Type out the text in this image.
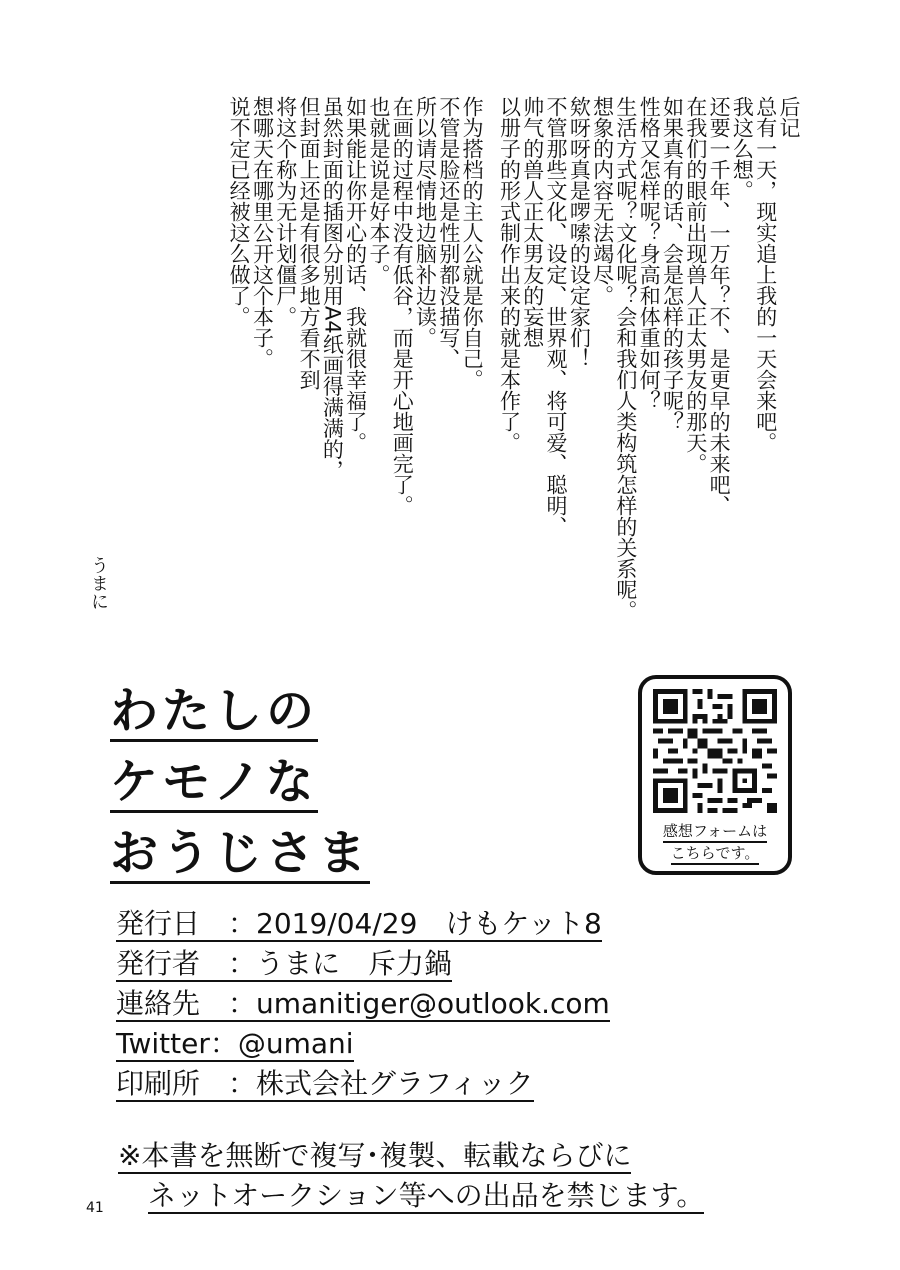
后记
总有一天，现实追上我的一天会来吧。
我这么想。
还要一千年、一万年？不、是更早的未来吧、
在我们的眼前出现兽人正太男友的那天。
如果真有的话、会是怎样的孩子呢？
性格又怎样呢？身高和体重如何？
生活方式呢？文化呢？会和我们人类构筑怎样的关系呢。
想象的内容无法竭尽。
欸呀呀真是啰嗦的设定家们！
不管那些文化、设定、世界观、将可爱、聪明、
帅气的兽人正太男友的妄想
以册子的形式制作出来的就是本作了。
作为搭档的主人公就是你自己。
不管是脸还是性别都没描写、
所以请尽情地边脑补边读。
在画的过程中没有低谷，而是开心地画完了。
也就是说是好本子。
如果能让你开心的话、我就很幸福了。
虽然封面的插图分别用A4纸画得满满的，
但封面上还是有很多地方看不到
将这个称为无计划僵尸。
想哪天在哪里公开这个本子。
说不定已经被这么做了。
うまに
わたしの
ケモノな
おうじさま	感想フォームは
こちらです。
発行日　：2019/04/29　けもケット8
発行者　：うまに　斥力鍋
連絡先　：umanitiger@outlook.com
Twitter：@umani
印刷所　：株式会社グラフィック
※本書を無断で複写･複製、転載ならびに
ネットオークション等への出品を禁じます。
41
